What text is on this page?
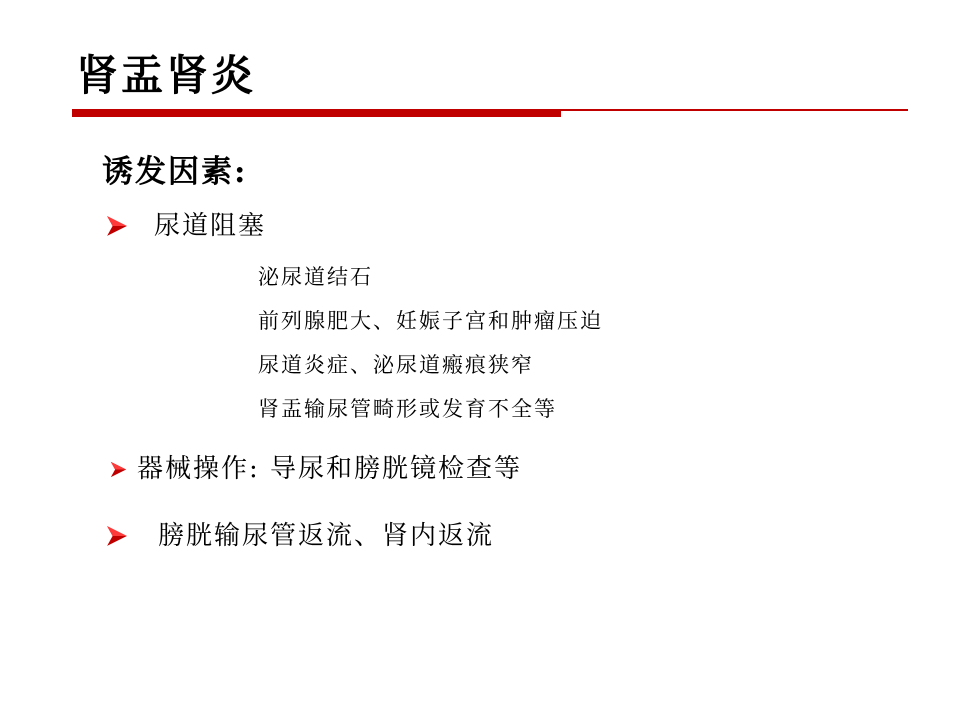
肾盂肾炎
诱发因素:
尿道阻塞
泌尿道结石
前列腺肥大、妊娠子宫和肿瘤压迫
尿道炎症、泌尿道瘢痕狭窄
肾盂输尿管畸形或发育不全等
器械操作: 导尿和膀胱镜检查等
膀胱输尿管返流、肾内返流
